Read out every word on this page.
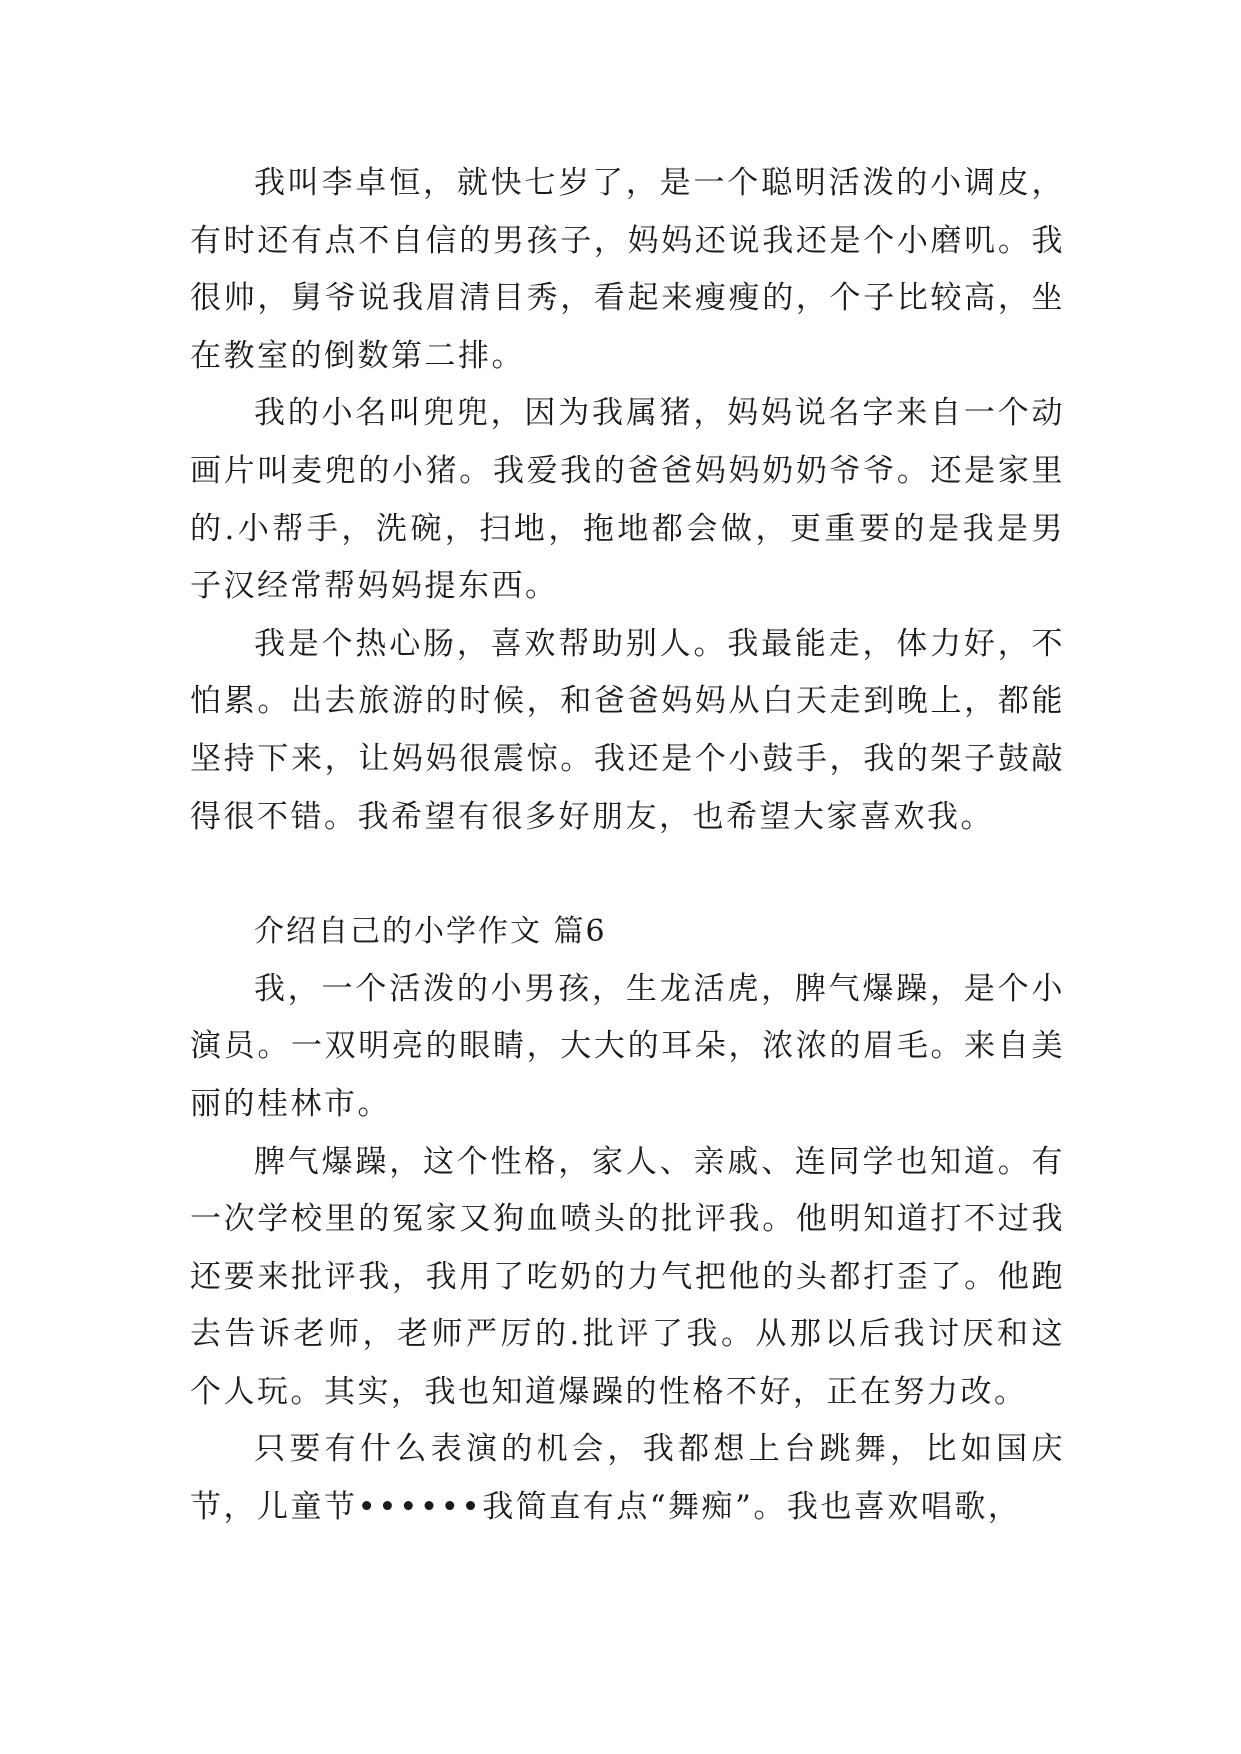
我叫李卓恒，就快七岁了，是一个聪明活泼的小调皮，有时还有点不自信的男孩子，妈妈还说我还是个小磨叽。我很帅，舅爷说我眉清目秀，看起来瘦瘦的，个子比较高，坐在教室的倒数第二排。

我的小名叫兜兜，因为我属猪，妈妈说名字来自一个动画片叫麦兜的小猪。我爱我的爸爸妈妈奶奶爷爷。还是家里的.小帮手，洗碗，扫地，拖地都会做，更重要的是我是男子汉经常帮妈妈提东西。

我是个热心肠，喜欢帮助别人。我最能走，体力好，不怕累。出去旅游的时候，和爸爸妈妈从白天走到晚上，都能坚持下来，让妈妈很震惊。我还是个小鼓手，我的架子鼓敲得很不错。我希望有很多好朋友，也希望大家喜欢我。

介绍自己的小学作文 篇6

我，一个活泼的小男孩，生龙活虎，脾气爆躁，是个小演员。一双明亮的眼睛，大大的耳朵，浓浓的眉毛。来自美丽的桂林市。

脾气爆躁，这个性格，家人、亲戚、连同学也知道。有一次学校里的冤家又狗血喷头的批评我。他明知道打不过我还要来批评我，我用了吃奶的力气把他的头都打歪了。他跑去告诉老师，老师严厉的.批评了我。从那以后我讨厌和这个人玩。其实，我也知道爆躁的性格不好，正在努力改。

只要有什么表演的机会，我都想上台跳舞，比如国庆节，儿童节••••••我简直有点“舞痴”。我也喜欢唱歌，
